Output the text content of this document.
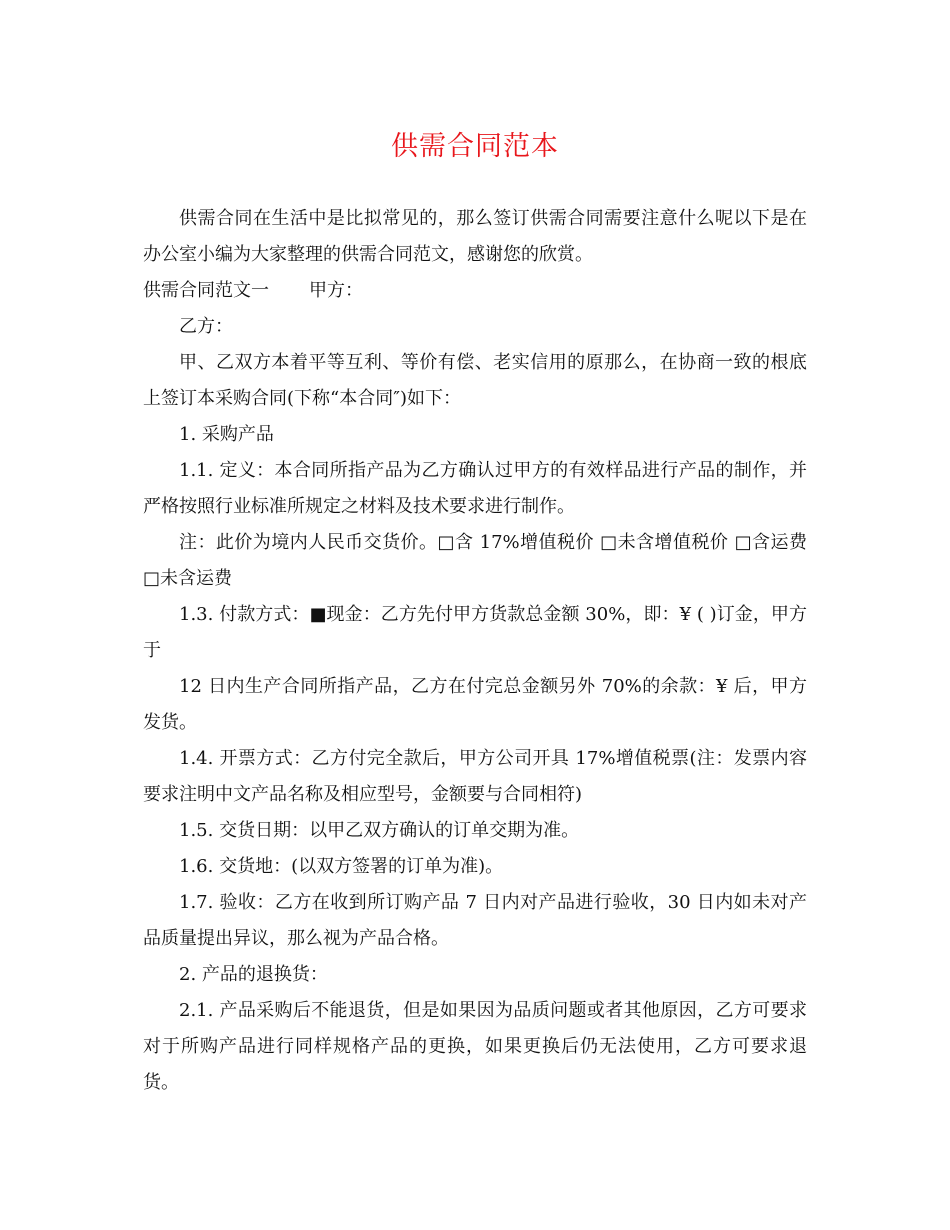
供需合同范本

供需合同在生活中是比拟常见的，那么签订供需合同需要注意什么呢以下是在办公室小编为大家整理的供需合同范文，感谢您的欣赏。

供需合同范文一 甲方：

乙方：

甲、乙双方本着平等互利、等价有偿、老实信用的原那么，在协商一致的根底上签订本采购合同(下称“本合同″)如下：

1. 采购产品

1.1. 定义：本合同所指产品为乙方确认过甲方的有效样品进行产品的制作，并严格按照行业标准所规定之材料及技术要求进行制作。

注：此价为境内人民币交货价。□含 17%增值税价 □未含增值税价 □含运费 □未含运费

1.3. 付款方式：■现金：乙方先付甲方货款总金额 30%，即：¥ ( )订金，甲方于

12 日内生产合同所指产品，乙方在付完总金额另外 70%的余款：¥ 后，甲方发货。

1.4. 开票方式：乙方付完全款后，甲方公司开具 17%增值税票(注：发票内容要求注明中文产品名称及相应型号，金额要与合同相符)

1.5. 交货日期：以甲乙双方确认的订单交期为准。

1.6. 交货地：(以双方签署的订单为准)。

1.7. 验收：乙方在收到所订购产品 7 日内对产品进行验收，30 日内如未对产品质量提出异议，那么视为产品合格。

2. 产品的退换货：

2.1. 产品采购后不能退货，但是如果因为品质问题或者其他原因，乙方可要求对于所购产品进行同样规格产品的更换，如果更换后仍无法使用，乙方可要求退货。
